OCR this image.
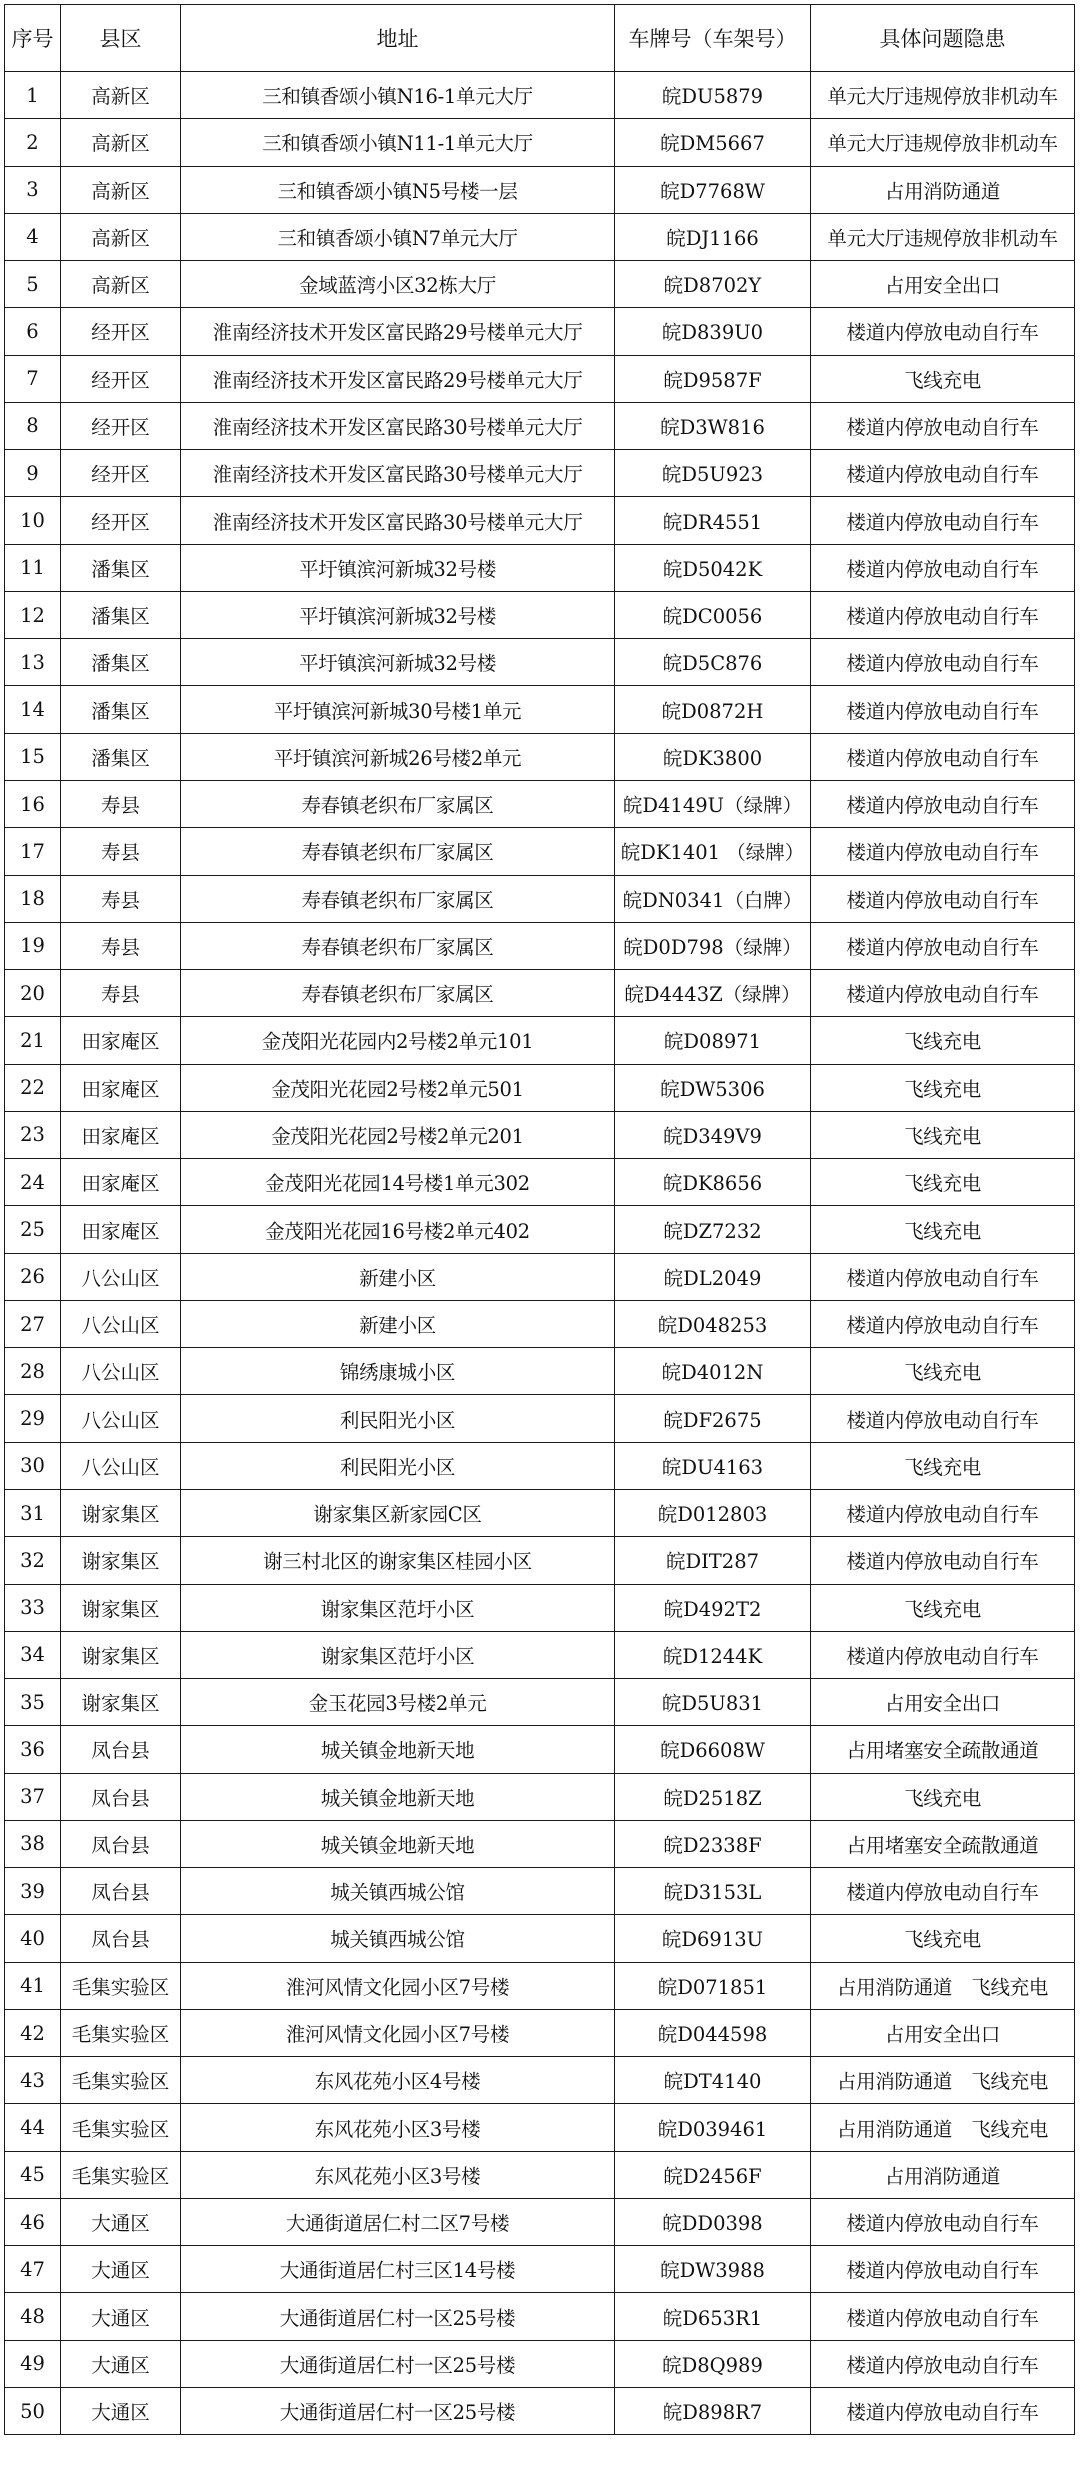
序号	县区	地址	车牌号（车架号）	具体问题隐患
1	高新区	三和镇香颂小镇N16-1单元大厅	皖DU5879	单元大厅违规停放非机动车
2	高新区	三和镇香颂小镇N11-1单元大厅	皖DM5667	单元大厅违规停放非机动车
3	高新区	三和镇香颂小镇N5号楼一层	皖D7768W	占用消防通道
4	高新区	三和镇香颂小镇N7单元大厅	皖DJ1166	单元大厅违规停放非机动车
5	高新区	金域蓝湾小区32栋大厅	皖D8702Y	占用安全出口
6	经开区	淮南经济技术开发区富民路29号楼单元大厅	皖D839U0	楼道内停放电动自行车
7	经开区	淮南经济技术开发区富民路29号楼单元大厅	皖D9587F	飞线充电
8	经开区	淮南经济技术开发区富民路30号楼单元大厅	皖D3W816	楼道内停放电动自行车
9	经开区	淮南经济技术开发区富民路30号楼单元大厅	皖D5U923	楼道内停放电动自行车
10	经开区	淮南经济技术开发区富民路30号楼单元大厅	皖DR4551	楼道内停放电动自行车
11	潘集区	平圩镇滨河新城32号楼	皖D5042K	楼道内停放电动自行车
12	潘集区	平圩镇滨河新城32号楼	皖DC0056	楼道内停放电动自行车
13	潘集区	平圩镇滨河新城32号楼	皖D5C876	楼道内停放电动自行车
14	潘集区	平圩镇滨河新城30号楼1单元	皖D0872H	楼道内停放电动自行车
15	潘集区	平圩镇滨河新城26号楼2单元	皖DK3800	楼道内停放电动自行车
16	寿县	寿春镇老织布厂家属区	皖D4149U（绿牌）	楼道内停放电动自行车
17	寿县	寿春镇老织布厂家属区	皖DK1401 （绿牌）	楼道内停放电动自行车
18	寿县	寿春镇老织布厂家属区	皖DN0341（白牌）	楼道内停放电动自行车
19	寿县	寿春镇老织布厂家属区	皖D0D798（绿牌）	楼道内停放电动自行车
20	寿县	寿春镇老织布厂家属区	皖D4443Z（绿牌）	楼道内停放电动自行车
21	田家庵区	金茂阳光花园内2号楼2单元101	皖D08971	飞线充电
22	田家庵区	金茂阳光花园2号楼2单元501	皖DW5306	飞线充电
23	田家庵区	金茂阳光花园2号楼2单元201	皖D349V9	飞线充电
24	田家庵区	金茂阳光花园14号楼1单元302	皖DK8656	飞线充电
25	田家庵区	金茂阳光花园16号楼2单元402	皖DZ7232	飞线充电
26	八公山区	新建小区	皖DL2049	楼道内停放电动自行车
27	八公山区	新建小区	皖D048253	楼道内停放电动自行车
28	八公山区	锦绣康城小区	皖D4012N	飞线充电
29	八公山区	利民阳光小区	皖DF2675	楼道内停放电动自行车
30	八公山区	利民阳光小区	皖DU4163	飞线充电
31	谢家集区	谢家集区新家园C区	皖D012803	楼道内停放电动自行车
32	谢家集区	谢三村北区的谢家集区桂园小区	皖DIT287	楼道内停放电动自行车
33	谢家集区	谢家集区范圩小区	皖D492T2	飞线充电
34	谢家集区	谢家集区范圩小区	皖D1244K	楼道内停放电动自行车
35	谢家集区	金玉花园3号楼2单元	皖D5U831	占用安全出口
36	凤台县	城关镇金地新天地	皖D6608W	占用堵塞安全疏散通道
37	凤台县	城关镇金地新天地	皖D2518Z	飞线充电
38	凤台县	城关镇金地新天地	皖D2338F	占用堵塞安全疏散通道
39	凤台县	城关镇西城公馆	皖D3153L	楼道内停放电动自行车
40	凤台县	城关镇西城公馆	皖D6913U	飞线充电
41	毛集实验区	淮河风情文化园小区7号楼	皖D071851	占用消防通道　飞线充电
42	毛集实验区	淮河风情文化园小区7号楼	皖D044598	占用安全出口
43	毛集实验区	东风花苑小区4号楼	皖DT4140	占用消防通道　飞线充电
44	毛集实验区	东风花苑小区3号楼	皖D039461	占用消防通道　飞线充电
45	毛集实验区	东风花苑小区3号楼	皖D2456F	占用消防通道
46	大通区	大通街道居仁村二区7号楼	皖DD0398	楼道内停放电动自行车
47	大通区	大通街道居仁村三区14号楼	皖DW3988	楼道内停放电动自行车
48	大通区	大通街道居仁村一区25号楼	皖D653R1	楼道内停放电动自行车
49	大通区	大通街道居仁村一区25号楼	皖D8Q989	楼道内停放电动自行车
50	大通区	大通街道居仁村一区25号楼	皖D898R7	楼道内停放电动自行车
